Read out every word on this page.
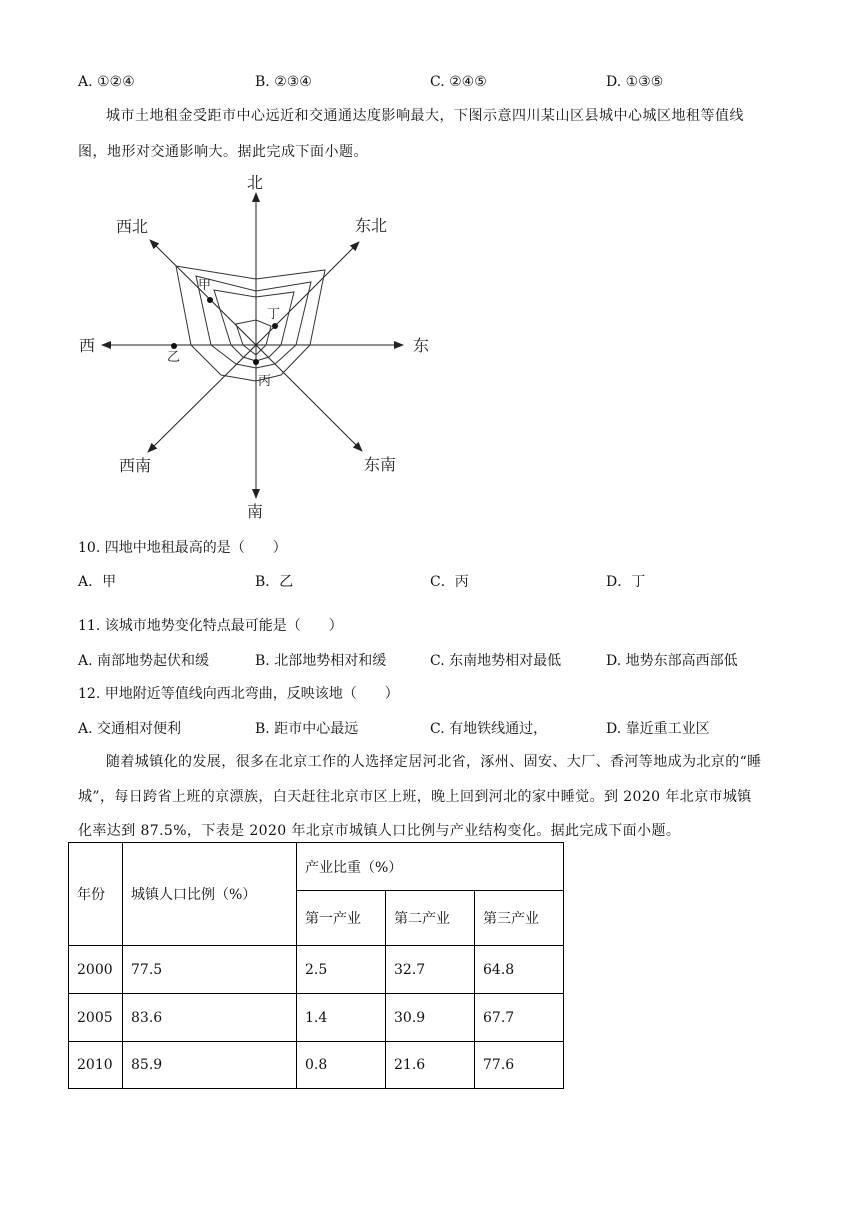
A. ①②④	B. ②③④	C. ②④⑤	D. ①③⑤
城市土地租金受距市中心远近和交通通达度影响最大，下图示意四川某山区县城中心城区地租等值线
图，地形对交通影响大。据此完成下面小题。
北
南
东
西
东北
西北
东南
西南
甲
乙
丙
丁
10. 四地中地租最高的是（　　）
A．甲	B．乙	C．丙	D．丁
11. 该城市地势变化特点最可能是（　　）
A. 南部地势起伏和缓	B. 北部地势相对和缓	C. 东南地势相对最低	D. 地势东部高西部低
12. 甲地附近等值线向西北弯曲，反映该地（　　）
A. 交通相对便利	B. 距市中心最远	C. 有地铁线通过，	D. 靠近重工业区
随着城镇化的发展，很多在北京工作的人选择定居河北省，涿州、固安、大厂、香河等地成为北京的“睡
城”，每日跨省上班的京漂族，白天赶往北京市区上班，晚上回到河北的家中睡觉。到 2020 年北京市城镇
化率达到 87.5%，下表是 2020 年北京市城镇人口比例与产业结构变化。据此完成下面小题。
年份	城镇人口比例（%）	产业比重（%）		
		第一产业	第二产业	第三产业
2000	77.5	2.5	32.7	64.8
2005	83.6	1.4	30.9	67.7
2010	85.9	0.8	21.6	77.6
